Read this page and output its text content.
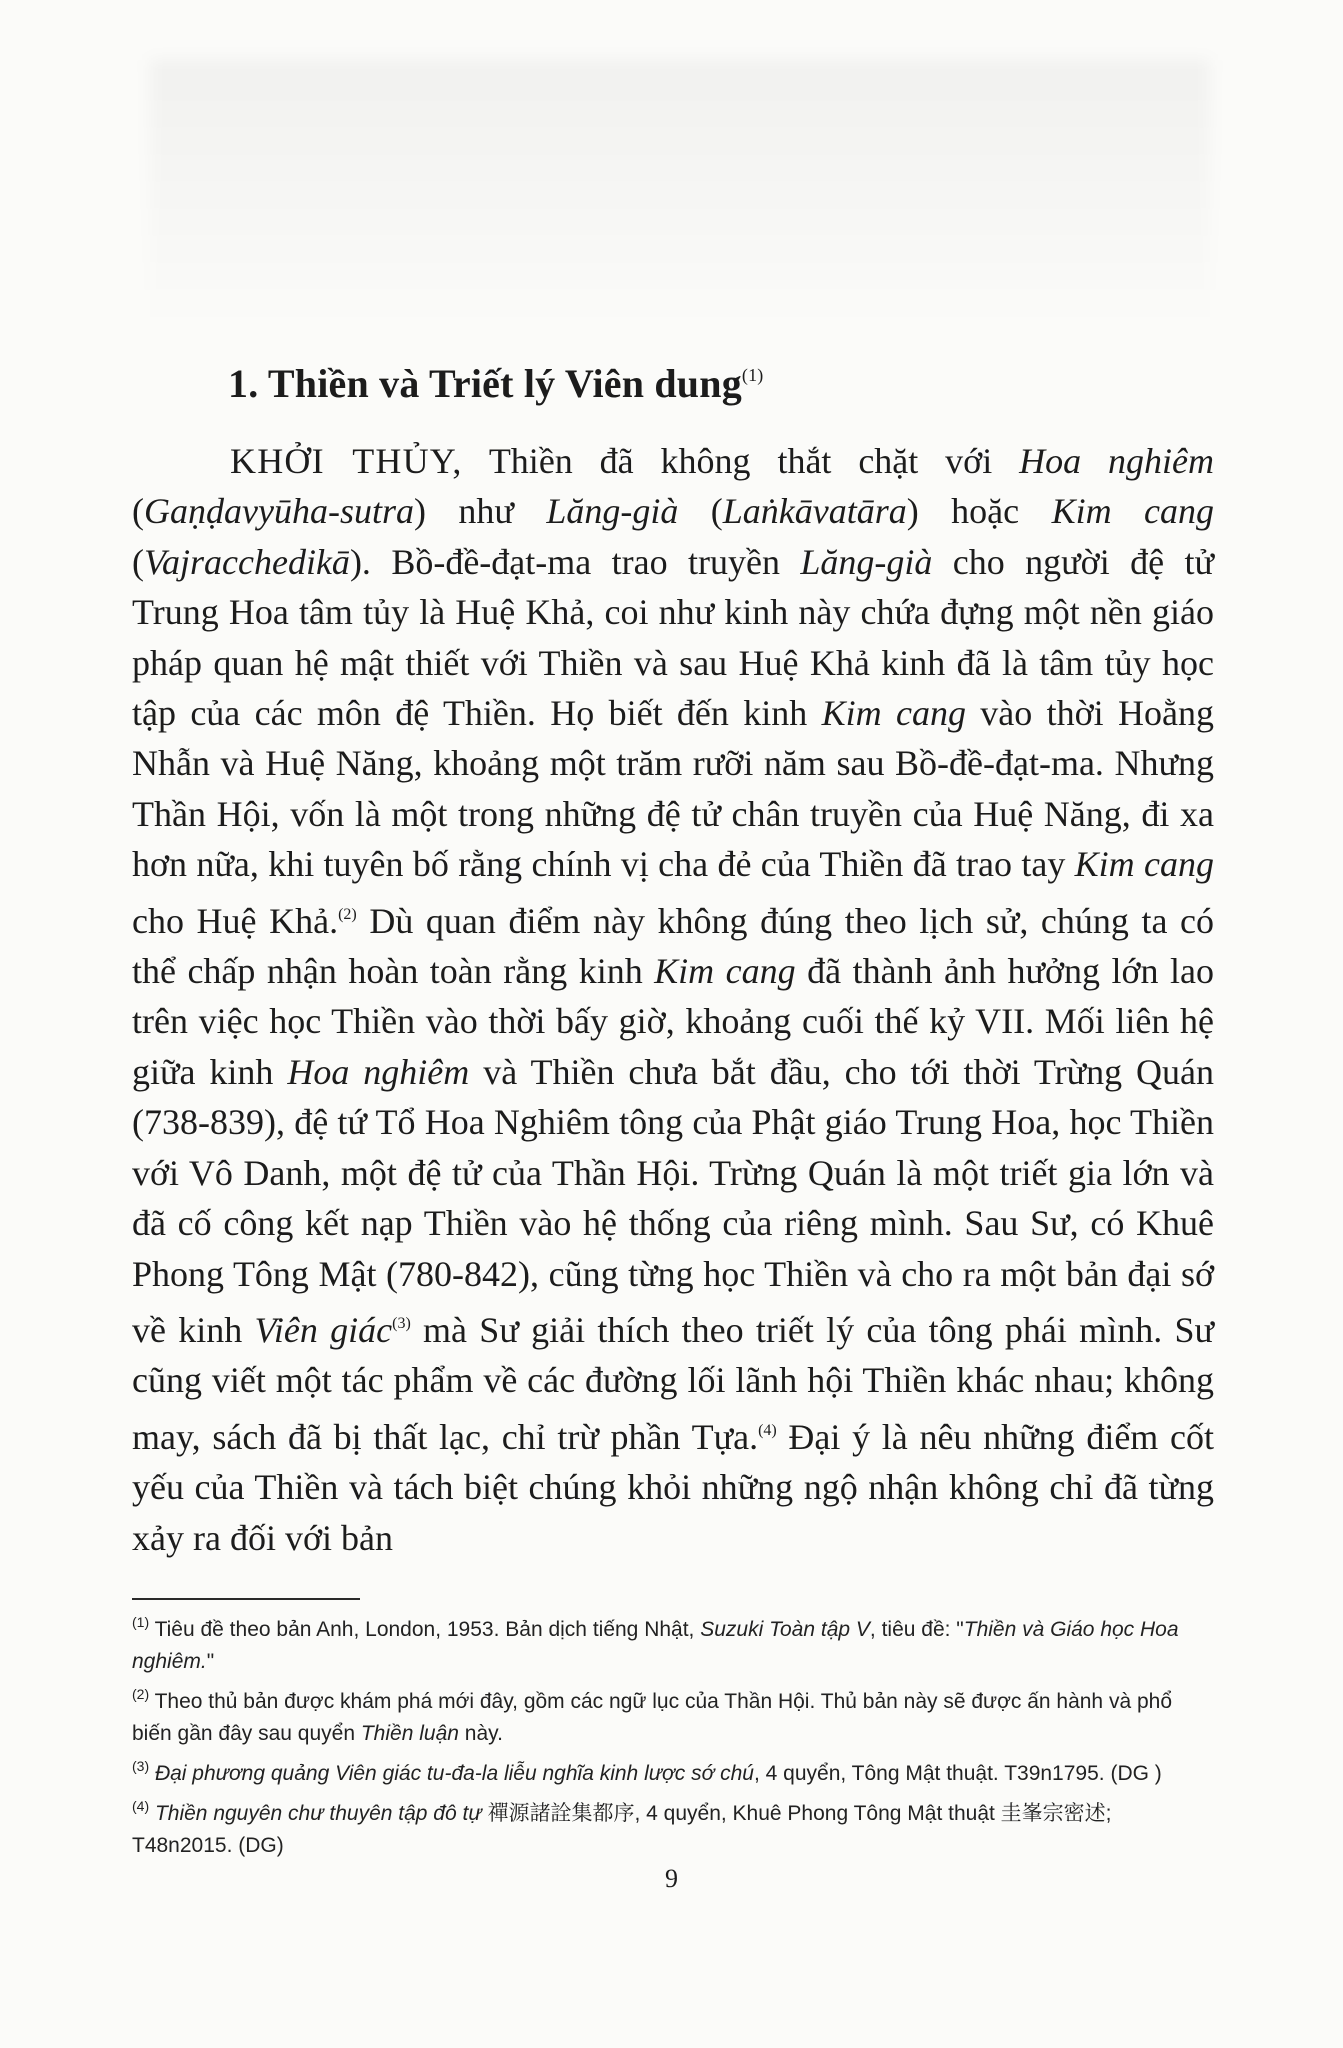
1. Thiền và Triết lý Viên dung$^{(1)}$

KHỞI THỦY, Thiền đã không thắt chặt với Hoa nghiêm (Gaṇḍavyūha-sutra) như Lăng-già (Laṅkāvatāra) hoặc Kim cang (Vajracchedikā). Bồ-đề-đạt-ma trao truyền Lăng-già cho người đệ tử Trung Hoa tâm tủy là Huệ Khả, coi như kinh này chứa đựng một nền giáo pháp quan hệ mật thiết với Thiền và sau Huệ Khả kinh đã là tâm tủy học tập của các môn đệ Thiền. Họ biết đến kinh Kim cang vào thời Hoằng Nhẫn và Huệ Năng, khoảng một trăm rưỡi năm sau Bồ-đề-đạt-ma. Nhưng Thần Hội, vốn là một trong những đệ tử chân truyền của Huệ Năng, đi xa hơn nữa, khi tuyên bố rằng chính vị cha đẻ của Thiền đã trao tay Kim cang cho Huệ Khả.$^{(2)}$ Dù quan điểm này không đúng theo lịch sử, chúng ta có thể chấp nhận hoàn toàn rằng kinh Kim cang đã thành ảnh hưởng lớn lao trên việc học Thiền vào thời bấy giờ, khoảng cuối thế kỷ VII. Mối liên hệ giữa kinh Hoa nghiêm và Thiền chưa bắt đầu, cho tới thời Trừng Quán (738-839), đệ tứ Tổ Hoa Nghiêm tông của Phật giáo Trung Hoa, học Thiền với Vô Danh, một đệ tử của Thần Hội. Trừng Quán là một triết gia lớn và đã cố công kết nạp Thiền vào hệ thống của riêng mình. Sau Sư, có Khuê Phong Tông Mật (780-842), cũng từng học Thiền và cho ra một bản đại sớ về kinh Viên giác$^{(3)}$ mà Sư giải thích theo triết lý của tông phái mình. Sư cũng viết một tác phẩm về các đường lối lãnh hội Thiền khác nhau; không may, sách đã bị thất lạc, chỉ trừ phần Tựa.$^{(4)}$ Đại ý là nêu những điểm cốt yếu của Thiền và tách biệt chúng khỏi những ngộ nhận không chỉ đã từng xảy ra đối với bản

$^{(1)}$ Tiêu đề theo bản Anh, London, 1953. Bản dịch tiếng Nhật, Suzuki Toàn tập V, tiêu đề: "Thiền và Giáo học Hoa nghiêm."

$^{(2)}$ Theo thủ bản được khám phá mới đây, gồm các ngữ lục của Thần Hội. Thủ bản này sẽ được ấn hành và phổ biến gần đây sau quyển Thiền luận này.

$^{(3)}$ Đại phương quảng Viên giác tu-đa-la liễu nghĩa kinh lược sớ chú, 4 quyển, Tông Mật thuật. T39n1795. (DG )

$^{(4)}$ Thiền nguyên chư thuyên tập đô tự 禪源諸詮集都序, 4 quyển, Khuê Phong Tông Mật thuật 圭峯宗密述; T48n2015. (DG)

9
